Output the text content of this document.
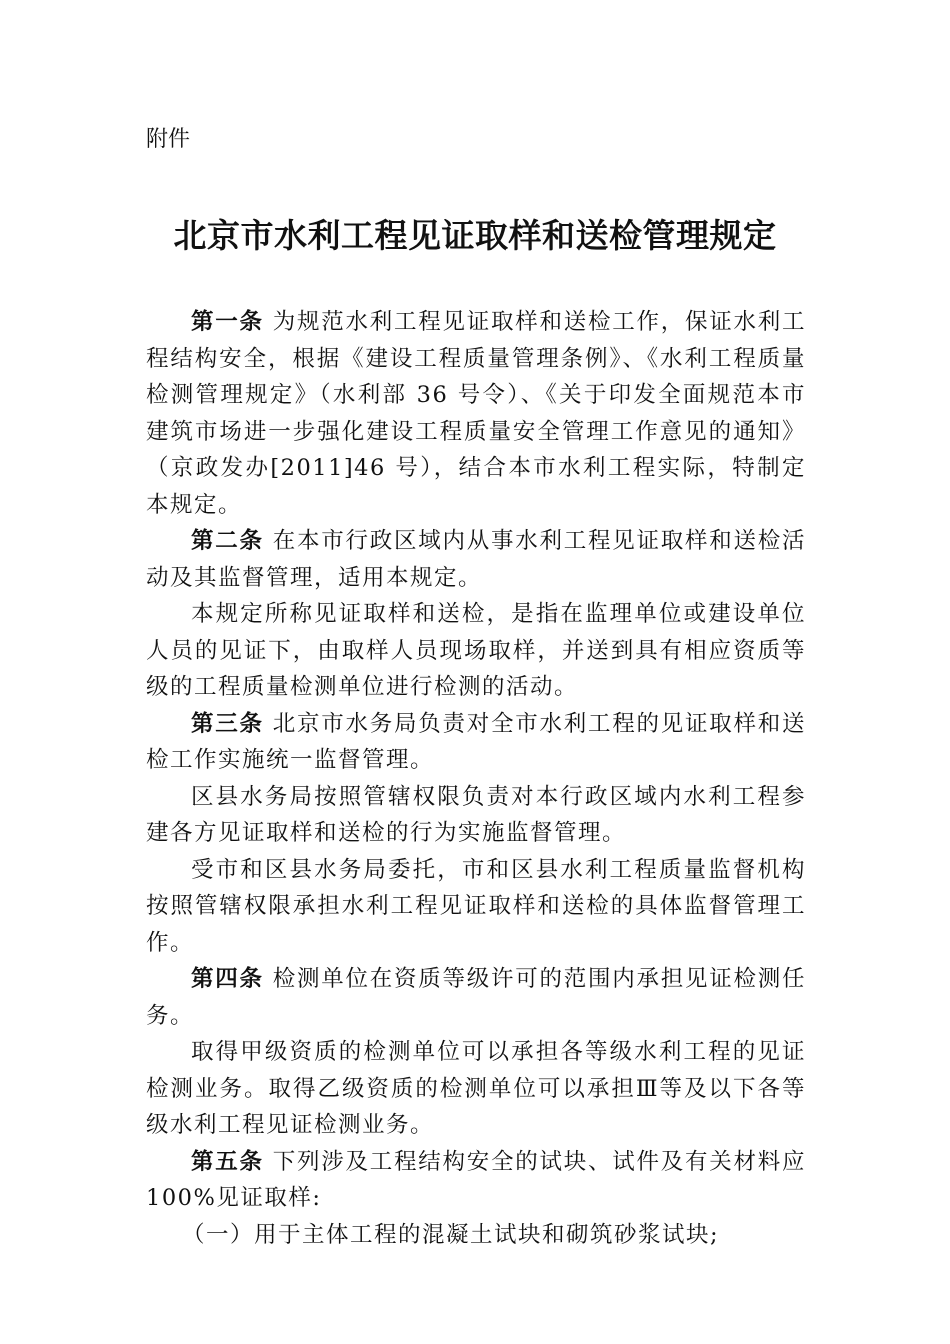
附件
北京市水利工程见证取样和送检管理规定

第一条 为规范水利工程见证取样和送检工作，保证水利工程结构安全，根据《建设工程质量管理条例》、《水利工程质量检测管理规定》（水利部 36 号令）、《关于印发全面规范本市建筑市场进一步强化建设工程质量安全管理工作意见的通知》（京政发办[2011]46 号），结合本市水利工程实际，特制定本规定。

第二条 在本市行政区域内从事水利工程见证取样和送检活动及其监督管理，适用本规定。

本规定所称见证取样和送检，是指在监理单位或建设单位人员的见证下，由取样人员现场取样，并送到具有相应资质等级的工程质量检测单位进行检测的活动。

第三条 北京市水务局负责对全市水利工程的见证取样和送检工作实施统一监督管理。

区县水务局按照管辖权限负责对本行政区域内水利工程参建各方见证取样和送检的行为实施监督管理。

受市和区县水务局委托，市和区县水利工程质量监督机构按照管辖权限承担水利工程见证取样和送检的具体监督管理工作。

第四条 检测单位在资质等级许可的范围内承担见证检测任务。

取得甲级资质的检测单位可以承担各等级水利工程的见证检测业务。取得乙级资质的检测单位可以承担Ⅲ等及以下各等级水利工程见证检测业务。

第五条 下列涉及工程结构安全的试块、试件及有关材料应 100%见证取样:

（一）用于主体工程的混凝土试块和砌筑砂浆试块;
